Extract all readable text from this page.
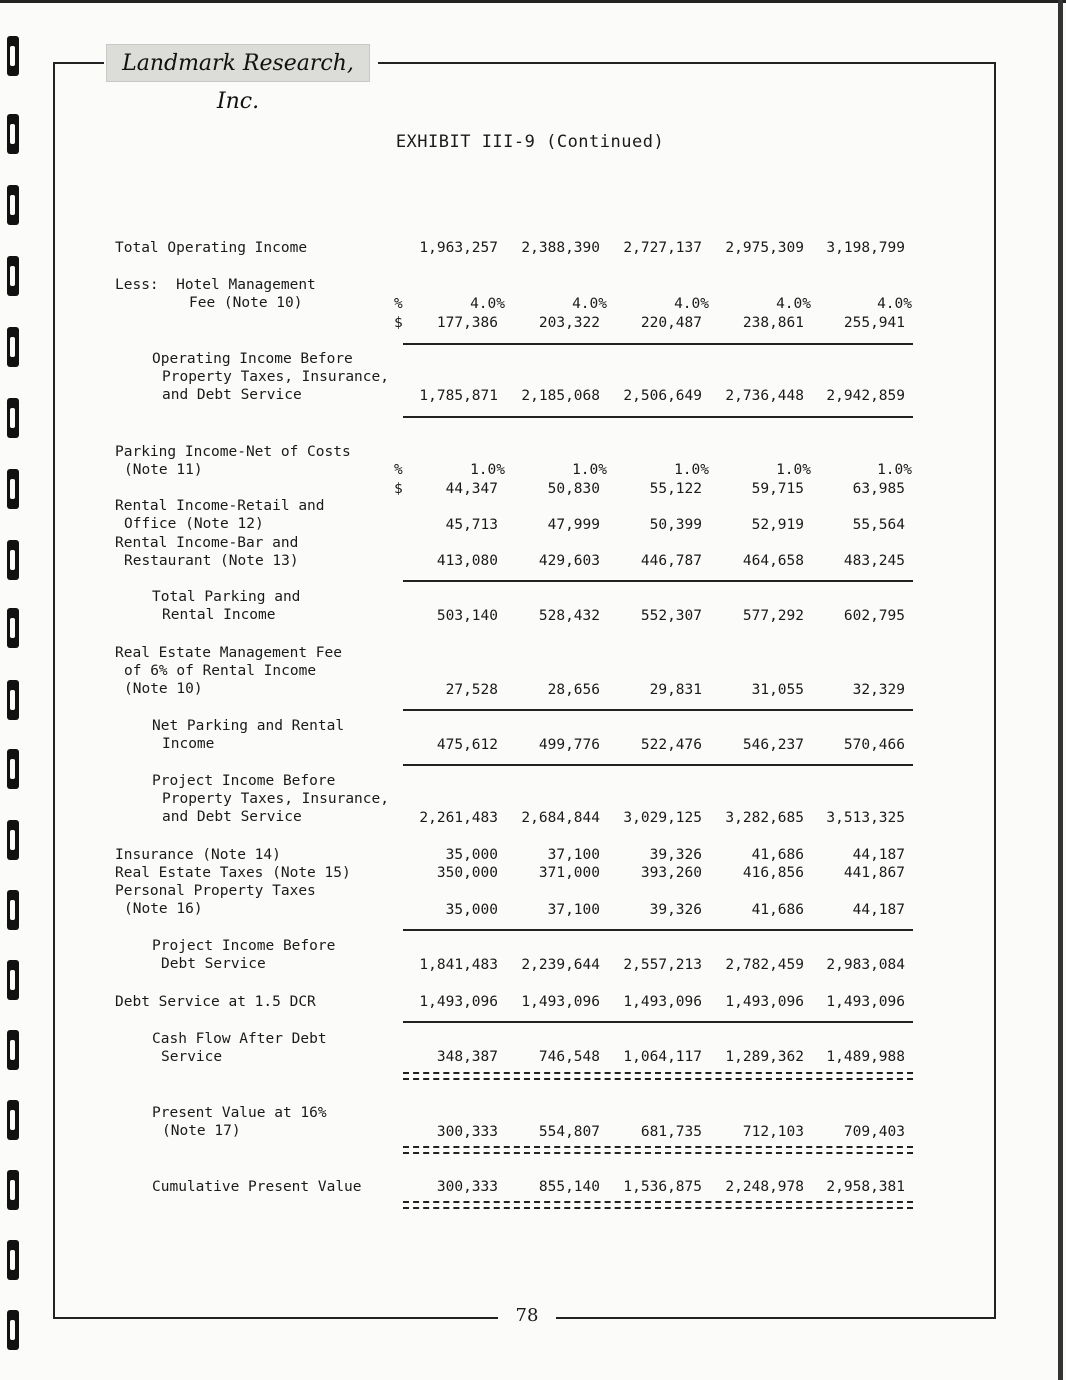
Landmark Research, Inc.
EXHIBIT III-9 (Continued)
Total Operating Income	1,963,257	2,388,390	2,727,137	2,975,309	3,198,799
Less:  Hotel Management
Fee (Note 10)	%	4.0%	4.0%	4.0%	4.0%	4.0%
$	177,386	203,322	220,487	238,861	255,941
Operating Income Before
Property Taxes, Insurance,
and Debt Service	1,785,871	2,185,068	2,506,649	2,736,448	2,942,859
Parking Income-Net of Costs
(Note 11)	%	1.0%	1.0%	1.0%	1.0%	1.0%
$	44,347	50,830	55,122	59,715	63,985
Rental Income-Retail and
Office (Note 12)	45,713	47,999	50,399	52,919	55,564
Rental Income-Bar and
Restaurant (Note 13)	413,080	429,603	446,787	464,658	483,245
Total Parking and
Rental Income	503,140	528,432	552,307	577,292	602,795
Real Estate Management Fee
of 6% of Rental Income
(Note 10)	27,528	28,656	29,831	31,055	32,329
Net Parking and Rental
Income	475,612	499,776	522,476	546,237	570,466
Project Income Before
Property Taxes, Insurance,
and Debt Service	2,261,483	2,684,844	3,029,125	3,282,685	3,513,325
Insurance (Note 14)	35,000	37,100	39,326	41,686	44,187
Real Estate Taxes (Note 15)	350,000	371,000	393,260	416,856	441,867
Personal Property Taxes
(Note 16)	35,000	37,100	39,326	41,686	44,187
Project Income Before
Debt Service	1,841,483	2,239,644	2,557,213	2,782,459	2,983,084
Debt Service at 1.5 DCR	1,493,096	1,493,096	1,493,096	1,493,096	1,493,096
Cash Flow After Debt
Service	348,387	746,548	1,064,117	1,289,362	1,489,988
Present Value at 16%
(Note 17)	300,333	554,807	681,735	712,103	709,403
Cumulative Present Value	300,333	855,140	1,536,875	2,248,978	2,958,381
78
